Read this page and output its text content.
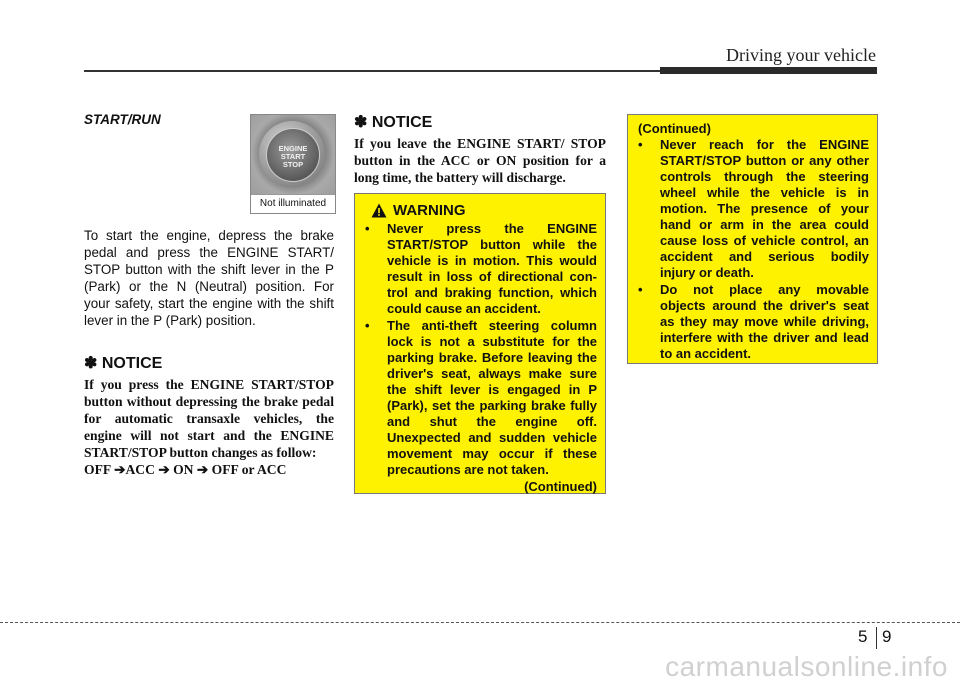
Driving your vehicle
START/RUN
ENGINE
START
STOP
Not illuminated
To start the engine, depress the brake pedal and press the ENGINE START/ STOP button with the shift lever in the P (Park) or the N (Neutral) position. For your safety, start the engine with the shift lever in the P (Park) position.
✽ NOTICE
If you press the ENGINE START/STOP button without depressing the brake pedal for automatic transaxle vehicles, the engine will not start and the ENGINE START/STOP button changes as follow:
OFF ➔ACC ➔ ON ➔ OFF or ACC
✽ NOTICE
If you leave the ENGINE START/ STOP button in the ACC or ON position for a long time, the battery will discharge.
WARNING
• Never press the ENGINE START/STOP button while the vehicle is in motion. This would result in loss of directional con- trol and braking function, which could cause an accident.
• The anti-theft steering column lock is not a substitute for the parking brake. Before leaving the driver's seat, always make sure the shift lever is engaged in P (Park), set the parking brake fully and shut the engine off. Unexpected and sudden vehicle movement may occur if these precautions are not taken.
(Continued)
(Continued)
• Never reach for the ENGINE START/STOP button or any other controls through the steering wheel while the vehicle is in motion. The presence of your hand or arm in the area could cause loss of vehicle control, an accident and serious bodily injury or death.
• Do not place any movable objects around the driver's seat as they may move while driving, interfere with the driver and lead to an accident.
5 9
carmanualsonline.info
